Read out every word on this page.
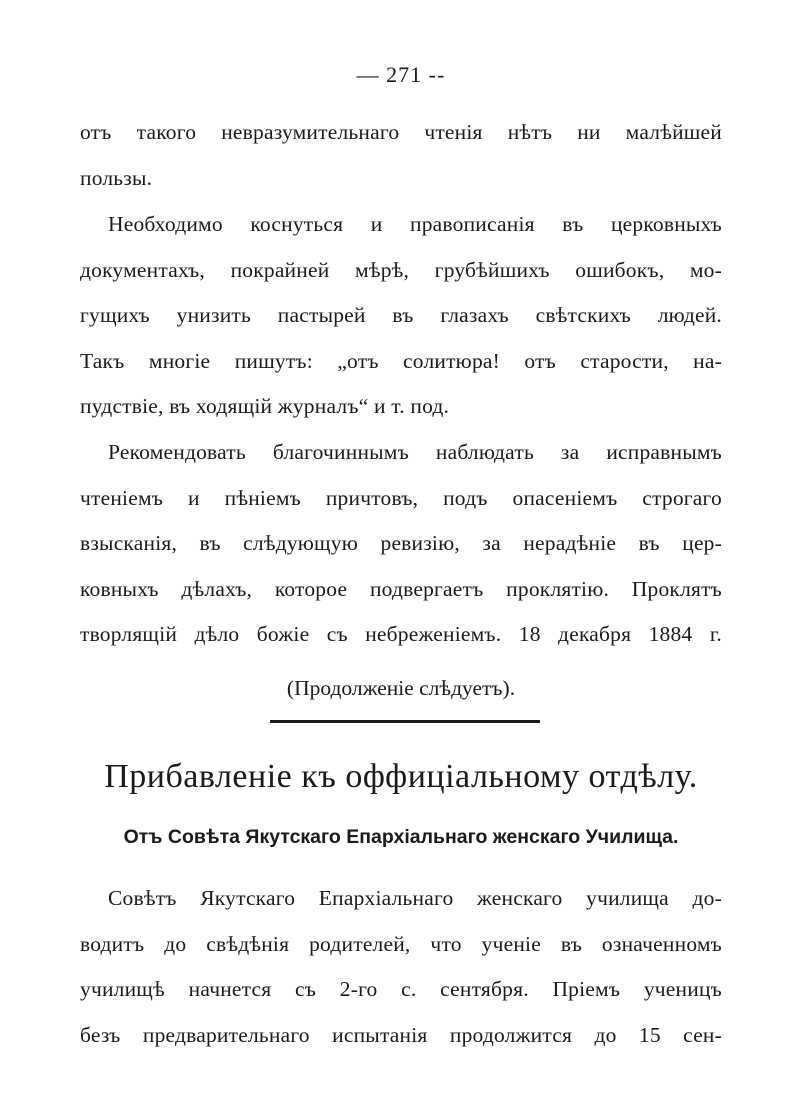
— 271 --
отъ такого невразумительнаго чтенія нѣтъ ни малѣйшей
пользы.
Необходимо коснуться и правописанія въ церковныхъ
документахъ, покрайней мѣрѣ, грубѣйшихъ ошибокъ, мо-
гущихъ унизить пастырей въ глазахъ свѣтскихъ людей.
Такъ многіе пишутъ: „отъ солитюра! отъ старости, на-
пудствіе, въ ходящій журналъ“ и т. под.
Рекомендовать благочиннымъ наблюдать за исправнымъ
чтеніемъ и пѣніемъ причтовъ, подъ опасеніемъ строгаго
взысканія, въ слѣдующую ревизію, за нерадѣніе въ цер-
ковныхъ дѣлахъ, которое подвергаетъ проклятію. Проклятъ
творлящій дѣло божіе съ небреженіемъ. 18 декабря 1884 г.
(Продолженіе слѣдуетъ).
Прибавленіе къ оффиціальному отдѣлу.
Отъ Совѣта Якутскаго Епархіальнаго женскаго Училища.
Совѣтъ Якутскаго Епархіальнаго женскаго училища до-
водитъ до свѣдѣнія родителей, что ученіе въ означенномъ
училищѣ начнется съ 2-го с. сентября. Пріемъ ученицъ
безъ предварительнаго испытанія продолжится до 15 сен-
